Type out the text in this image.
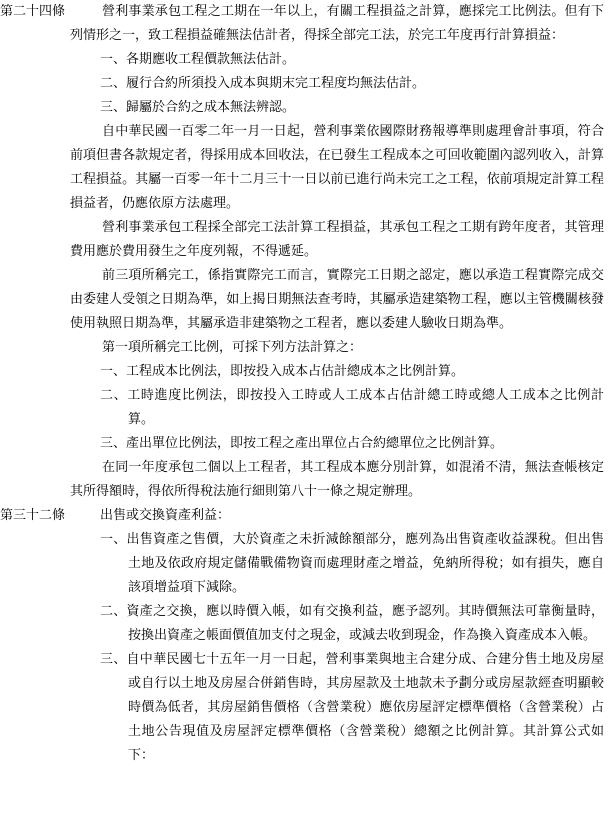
第二十四條	營利事業承包工程之工期在一年以上，有關工程損益之計算，應採完工比例法。但有下列情形之一，致工程損益確無法估計者，得採全部完工法，於完工年度再行計算損益：

一、各期應收工程價款無法估計。

二、履行合約所須投入成本與期末完工程度均無法估計。

三、歸屬於合約之成本無法辨認。

自中華民國一百零二年一月一日起，營利事業依國際財務報導準則處理會計事項，符合前項但書各款規定者，得採用成本回收法，在已發生工程成本之可回收範圍內認列收入，計算工程損益。其屬一百零一年十二月三十一日以前已進行尚未完工之工程，依前項規定計算工程損益者，仍應依原方法處理。

營利事業承包工程採全部完工法計算工程損益，其承包工程之工期有跨年度者，其管理費用應於費用發生之年度列報，不得遞延。

前三項所稱完工，係指實際完工而言，實際完工日期之認定，應以承造工程實際完成交由委建人受領之日期為準，如上揭日期無法查考時，其屬承造建築物工程，應以主管機關核發使用執照日期為準，其屬承造非建築物之工程者，應以委建人驗收日期為準。

第一項所稱完工比例，可採下列方法計算之：

一、工程成本比例法，即按投入成本占估計總成本之比例計算。

二、工時進度比例法，即按投入工時或人工成本占估計總工時或總人工成本之比例計算。

三、產出單位比例法，即按工程之產出單位占合約總單位之比例計算。

在同一年度承包二個以上工程者，其工程成本應分別計算，如混淆不清，無法查帳核定其所得額時，得依所得稅法施行細則第八十一條之規定辦理。

第三十二條	出售或交換資產利益：

一、出售資產之售價，大於資產之未折減餘額部分，應列為出售資產收益課稅。但出售土地及依政府規定儲備戰備物資而處理財產之增益，免納所得稅；如有損失，應自該項增益項下減除。

二、資產之交換，應以時價入帳，如有交換利益，應予認列。其時價無法可靠衡量時，按換出資產之帳面價值加支付之現金，或減去收到現金，作為換入資產成本入帳。

三、自中華民國七十五年一月一日起，營利事業與地主合建分成、合建分售土地及房屋或自行以土地及房屋合併銷售時，其房屋款及土地款未予劃分或房屋款經查明顯較時價為低者，其房屋銷售價格（含營業稅）應依房屋評定標準價格（含營業稅）占土地公告現值及房屋評定標準價格（含營業稅）總額之比例計算。其計算公式如下：
